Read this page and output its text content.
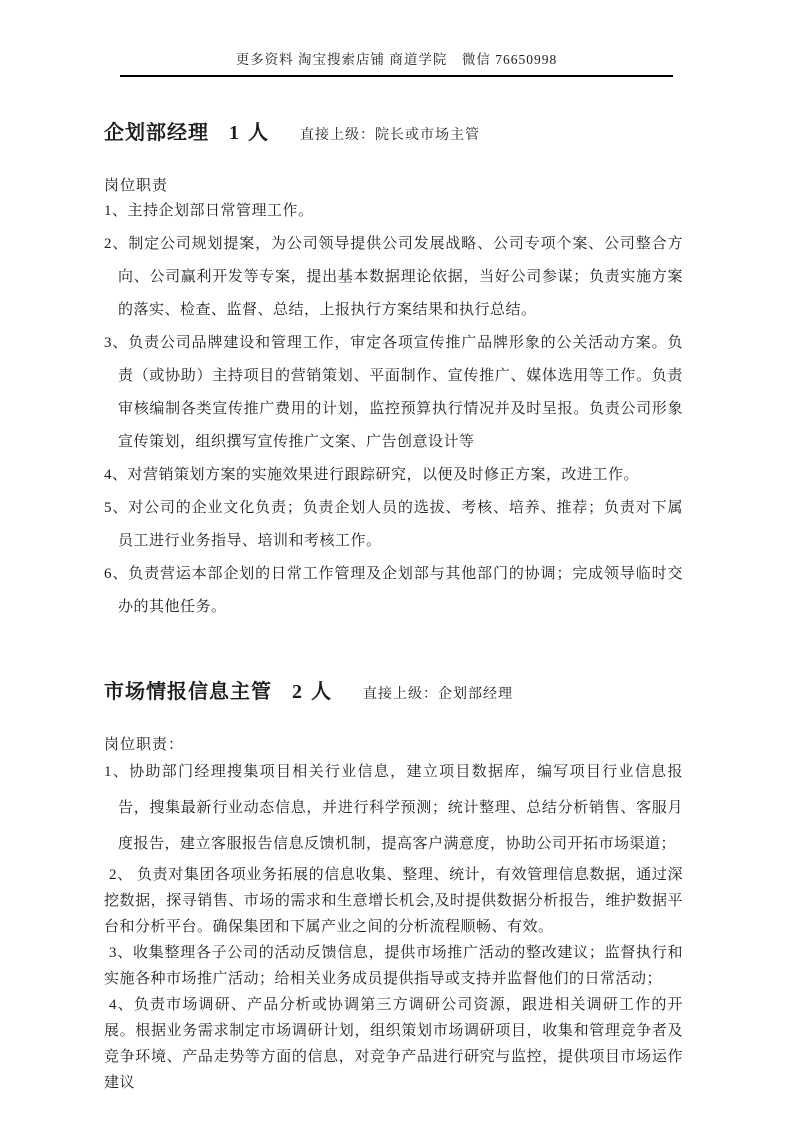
更多资料 淘宝搜索店铺 商道学院　微信 76650998
企划部经理 1 人 直接上级：院长或市场主管

岗位职责

1、主持企划部日常管理工作。

2、制定公司规划提案，为公司领导提供公司发展战略、公司专项个案、公司整合方向、公司赢利开发等专案，提出基本数据理论依据，当好公司参谋；负责实施方案的落实、检查、监督、总结，上报执行方案结果和执行总结。

3、负责公司品牌建设和管理工作，审定各项宣传推广品牌形象的公关活动方案。负责（或协助）主持项目的营销策划、平面制作、宣传推广、媒体选用等工作。负责审核编制各类宣传推广费用的计划，监控预算执行情况并及时呈报。负责公司形象宣传策划，组织撰写宣传推广文案、广告创意设计等

4、对营销策划方案的实施效果进行跟踪研究，以便及时修正方案，改进工作。

5、对公司的企业文化负责；负责企划人员的选拔、考核、培养、推荐；负责对下属员工进行业务指导、培训和考核工作。

6、负责营运本部企划的日常工作管理及企划部与其他部门的协调；完成领导临时交办的其他任务。

市场情报信息主管 2 人 直接上级：企划部经理

岗位职责：

1、协助部门经理搜集项目相关行业信息，建立项目数据库，编写项目行业信息报告，搜集最新行业动态信息，并进行科学预测；统计整理、总结分析销售、客服月度报告，建立客服报告信息反馈机制，提高客户满意度，协助公司开拓市场渠道；

2、 负责对集团各项业务拓展的信息收集、整理、统计，有效管理信息数据，通过深挖数据，探寻销售、市场的需求和生意增长机会,及时提供数据分析报告，维护数据平台和分析平台。确保集团和下属产业之间的分析流程顺畅、有效。

3、收集整理各子公司的活动反馈信息，提供市场推广活动的整改建议；监督执行和实施各种市场推广活动；给相关业务成员提供指导或支持并监督他们的日常活动；

4、负责市场调研、产品分析或协调第三方调研公司资源，跟进相关调研工作的开展。根据业务需求制定市场调研计划，组织策划市场调研项目，收集和管理竞争者及竞争环境、产品走势等方面的信息，对竞争产品进行研究与监控，提供项目市场运作建议
